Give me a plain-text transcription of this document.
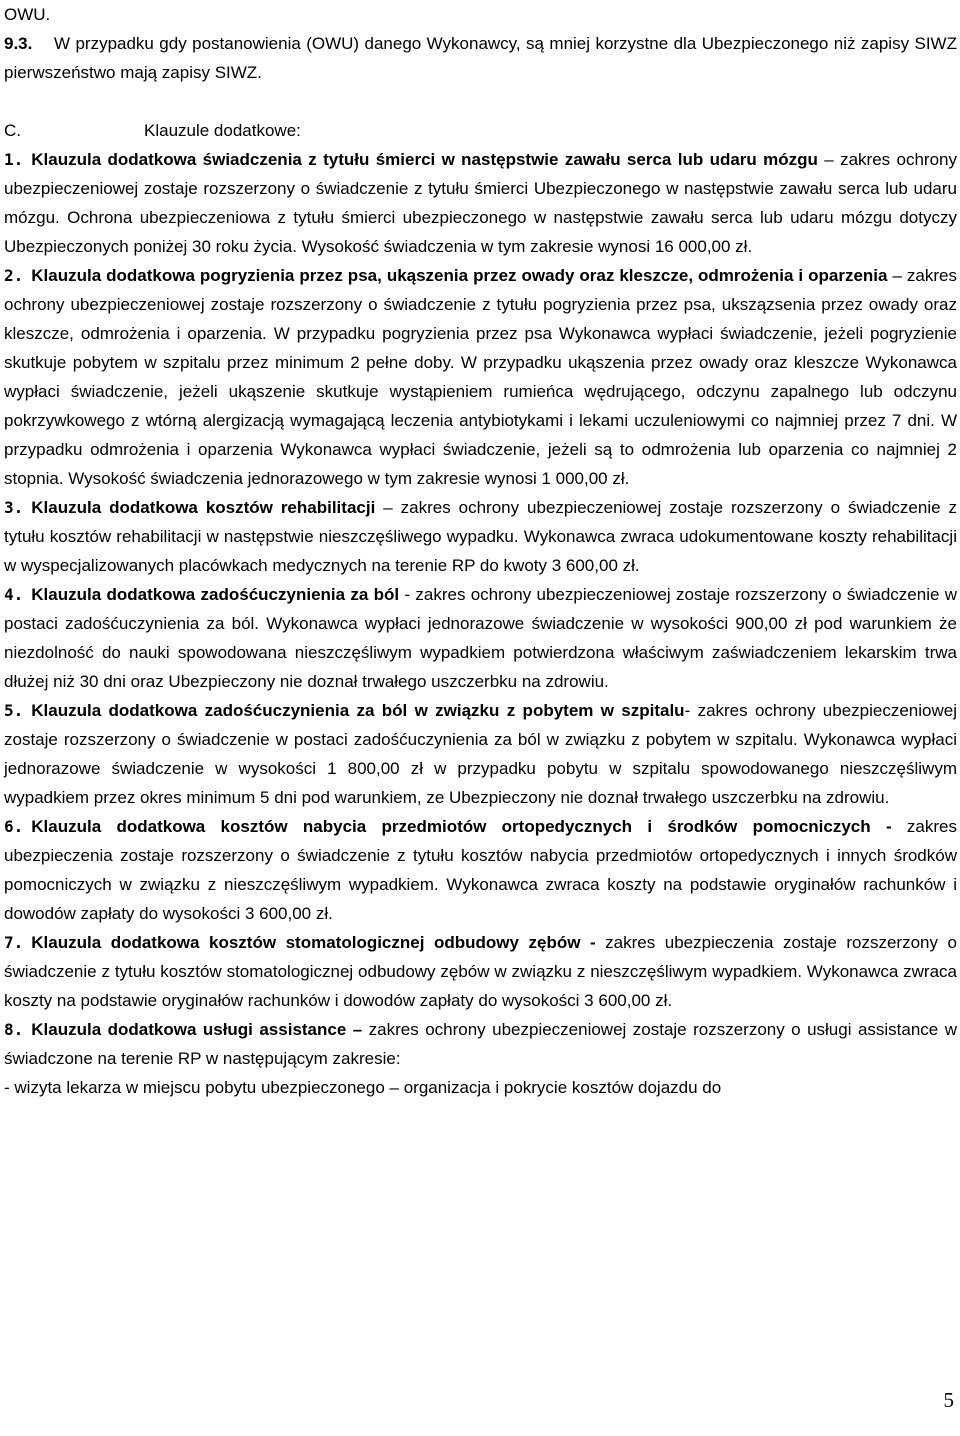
OWU.

9.3. W przypadku gdy postanowienia (OWU) danego Wykonawcy, są mniej korzystne dla Ubezpieczonego niż zapisy SIWZ pierwszeństwo mają zapisy SIWZ.

C.	Klauzule dodatkowe:

1. Klauzula dodatkowa świadczenia z tytułu śmierci w następstwie zawału serca lub udaru mózgu – zakres ochrony ubezpieczeniowej zostaje rozszerzony o świadczenie z tytułu śmierci Ubezpieczonego w następstwie zawału serca lub udaru mózgu. Ochrona ubezpieczeniowa z tytułu śmierci ubezpieczonego w następstwie zawału serca lub udaru mózgu dotyczy Ubezpieczonych poniżej 30 roku życia. Wysokość świadczenia w tym zakresie wynosi 16 000,00 zł.

2. Klauzula dodatkowa pogryzienia przez psa, ukąszenia przez owady oraz kleszcze, odmrożenia i oparzenia – zakres ochrony ubezpieczeniowej zostaje rozszerzony o świadczenie z tytułu pogryzienia przez psa, ukszązsenia przez owady oraz kleszcze, odmrożenia i oparzenia. W przypadku pogryzienia przez psa Wykonawca wypłaci świadczenie, jeżeli pogryzienie skutkuje pobytem w szpitalu przez minimum 2 pełne doby. W przypadku ukąszenia przez owady oraz kleszcze Wykonawca wypłaci świadczenie, jeżeli ukąszenie skutkuje wystąpieniem rumieńca wędrującego, odczynu zapalnego lub odczynu pokrzywkowego z wtórną alergizacją wymagającą leczenia antybiotykami i lekami uczuleniowymi co najmniej przez 7 dni. W przypadku odmrożenia i oparzenia Wykonawca wypłaci świadczenie, jeżeli są to odmrożenia lub oparzenia co najmniej 2 stopnia. Wysokość świadczenia jednorazowego w tym zakresie wynosi 1 000,00 zł.

3. Klauzula dodatkowa kosztów rehabilitacji – zakres ochrony ubezpieczeniowej zostaje rozszerzony o świadczenie z tytułu kosztów rehabilitacji w następstwie nieszczęśliwego wypadku. Wykonawca zwraca udokumentowane koszty rehabilitacji w wyspecjalizowanych placówkach medycznych na terenie RP do kwoty 3 600,00 zł.

4. Klauzula dodatkowa zadośćuczynienia za ból - zakres ochrony ubezpieczeniowej zostaje rozszerzony o świadczenie w postaci zadośćuczynienia za ból. Wykonawca wypłaci jednorazowe świadczenie w wysokości 900,00 zł pod warunkiem że niezdolność do nauki spowodowana nieszczęśliwym wypadkiem potwierdzona właściwym zaświadczeniem lekarskim trwa dłużej niż 30 dni oraz Ubezpieczony nie doznał trwałego uszczerbku na zdrowiu.

5. Klauzula dodatkowa zadośćuczynienia za ból w związku z pobytem w szpitalu- zakres ochrony ubezpieczeniowej zostaje rozszerzony o świadczenie w postaci zadośćuczynienia za ból w związku z pobytem w szpitalu. Wykonawca wypłaci jednorazowe świadczenie w wysokości 1 800,00 zł w przypadku pobytu w szpitalu spowodowanego nieszczęśliwym wypadkiem przez okres minimum 5 dni pod warunkiem, ze Ubezpieczony nie doznał trwałego uszczerbku na zdrowiu.

6. Klauzula dodatkowa kosztów nabycia przedmiotów ortopedycznych i środków pomocniczych - zakres ubezpieczenia zostaje rozszerzony o świadczenie z tytułu kosztów nabycia przedmiotów ortopedycznych i innych środków pomocniczych w związku z nieszczęśliwym wypadkiem. Wykonawca zwraca koszty na podstawie oryginałów rachunków i dowodów zapłaty do wysokości 3 600,00 zł.

7. Klauzula dodatkowa kosztów stomatologicznej odbudowy zębów - zakres ubezpieczenia zostaje rozszerzony o świadczenie z tytułu kosztów stomatologicznej odbudowy zębów w związku z nieszczęśliwym wypadkiem. Wykonawca zwraca koszty na podstawie oryginałów rachunków i dowodów zapłaty do wysokości 3 600,00 zł.

8. Klauzula dodatkowa usługi assistance – zakres ochrony ubezpieczeniowej zostaje rozszerzony o usługi assistance w świadczone na terenie RP w następującym zakresie:

- wizyta lekarza w miejscu pobytu ubezpieczonego – organizacja i pokrycie kosztów dojazdu do

5
